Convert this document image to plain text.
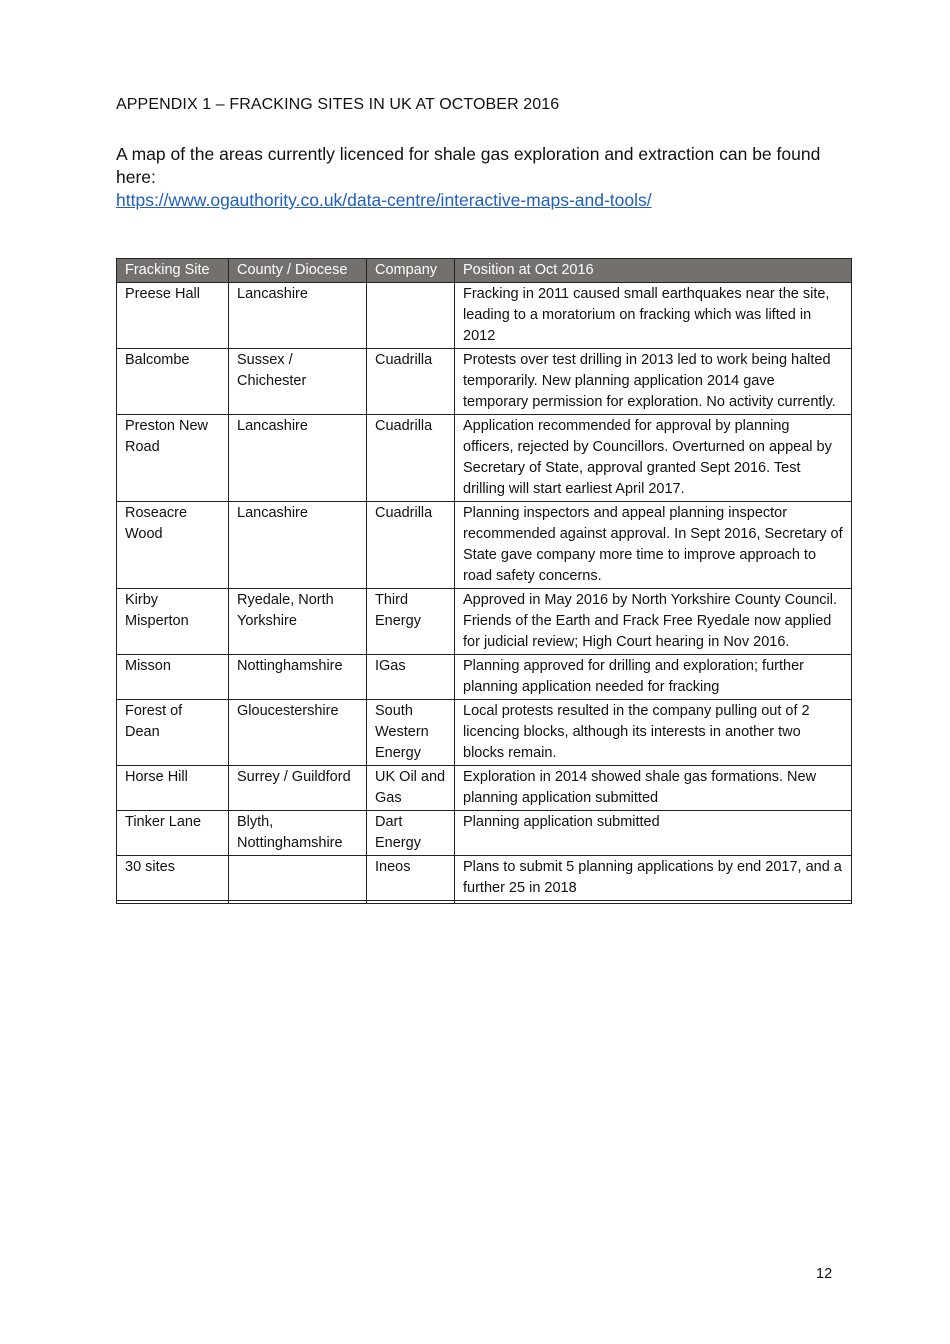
APPENDIX 1 – FRACKING SITES IN UK AT OCTOBER 2016
A map of the areas currently licenced for shale gas exploration and extraction can be found here:
https://www.ogauthority.co.uk/data-centre/interactive-maps-and-tools/
Fracking Site	County / Diocese	Company	Position at Oct 2016
Preese Hall	Lancashire		Fracking in 2011 caused small earthquakes near the site, leading to a moratorium on fracking which was lifted in 2012
Balcombe	Sussex / Chichester	Cuadrilla	Protests over test drilling in 2013 led to work being halted temporarily. New planning application 2014 gave temporary permission for exploration. No activity currently.
Preston New Road	Lancashire	Cuadrilla	Application recommended for approval by planning officers, rejected by Councillors. Overturned on appeal by Secretary of State, approval granted Sept 2016. Test drilling will start earliest April 2017.
Roseacre Wood	Lancashire	Cuadrilla	Planning inspectors and appeal planning inspector recommended against approval. In Sept 2016, Secretary of State gave company more time to improve approach to road safety concerns.
Kirby Misperton	Ryedale, North Yorkshire	Third Energy	Approved in May 2016 by North Yorkshire County Council. Friends of the Earth and Frack Free Ryedale now applied for judicial review; High Court hearing in Nov 2016.
Misson	Nottinghamshire	IGas	Planning approved for drilling and exploration; further planning application needed for fracking
Forest of Dean	Gloucestershire	South Western Energy	Local protests resulted in the company pulling out of 2 licencing blocks, although its interests in another two blocks remain.
Horse Hill	Surrey / Guildford	UK Oil and Gas	Exploration in 2014 showed shale gas formations. New planning application submitted
Tinker Lane	Blyth, Nottinghamshire	Dart Energy	Planning application submitted
30 sites		Ineos	Plans to submit 5 planning applications by end 2017, and a further 25 in 2018

12
